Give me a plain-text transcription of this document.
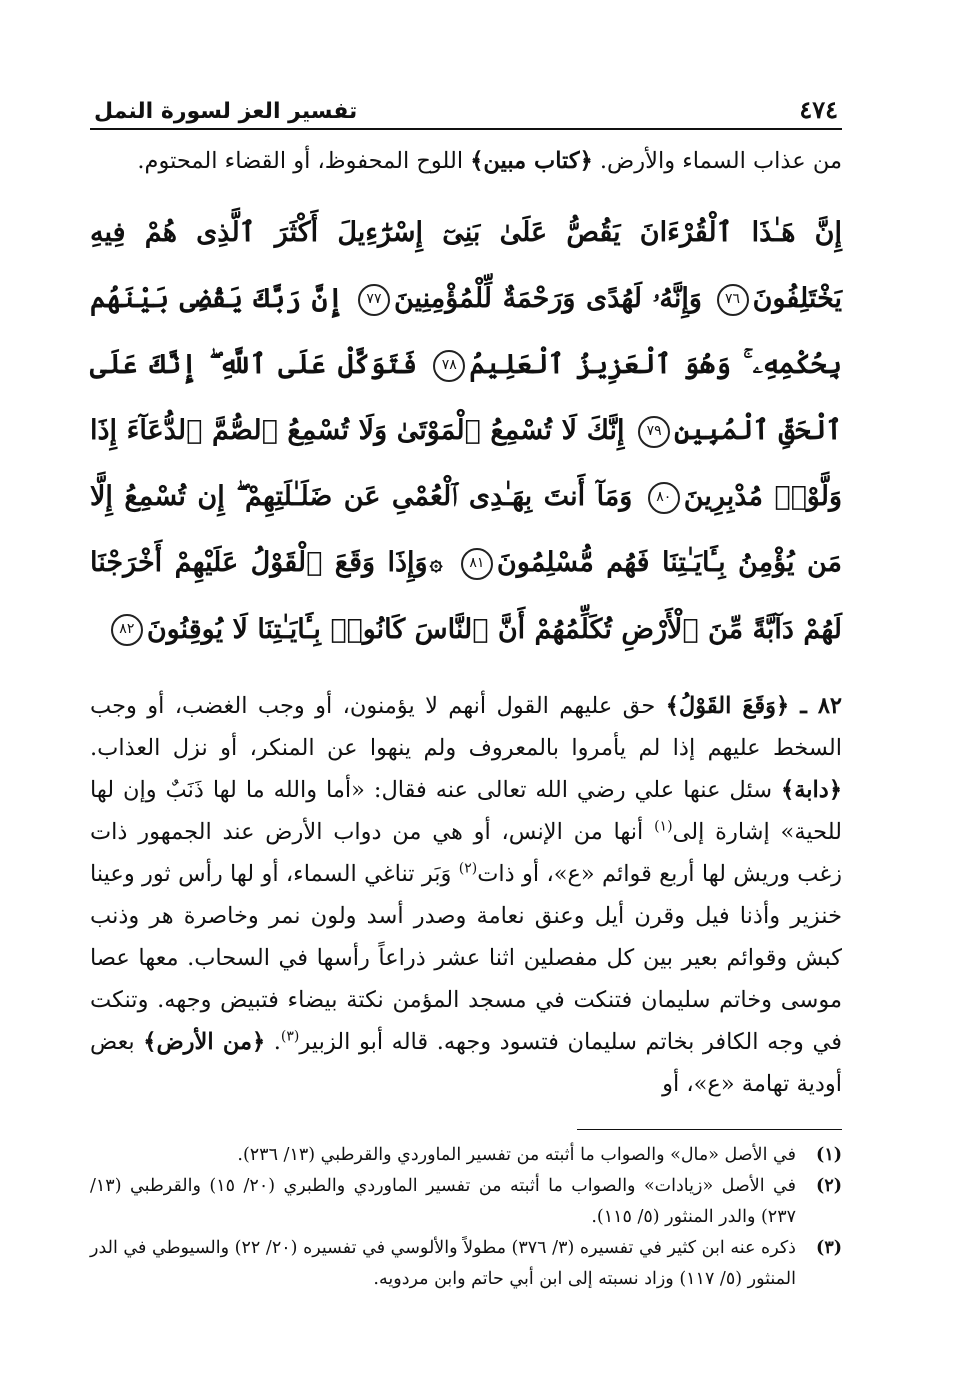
٤٧٤
تفسير العز لسورة النمل

من عذاب السماء والأرض. ﴿كتاب مبين﴾ اللوح المحفوظ، أو القضاء المحتوم.

إِنَّ هَـٰذَا ٱلْقُرْءَانَ يَقُصُّ عَلَىٰ بَنِىٓ إِسْرَٰٓءِيلَ أَكْثَرَ ٱلَّذِى هُمْ فِيهِ يَخْتَلِفُونَ٧٦ وَإِنَّهُۥ لَهُدًى وَرَحْمَةٌ لِّلْمُؤْمِنِينَ٧٧ إِنَّ رَبَّكَ يَقْضِى بَيْنَهُم بِحُكْمِهِۦ ۚ وَهُوَ ٱلْعَزِيزُ ٱلْعَلِيمُ٧٨ فَتَوَكَّلْ عَلَى ٱللَّهِ ۖ إِنَّكَ عَلَى ٱلْحَقِّ ٱلْمُبِينِ٧٩ إِنَّكَ لَا تُسْمِعُ ٱلْمَوْتَىٰ وَلَا تُسْمِعُ ٱلصُّمَّ ٱلدُّعَآءَ إِذَا وَلَّوْا۟ مُدْبِرِينَ٨٠ وَمَآ أَنتَ بِهَـٰدِى ٱلْعُمْىِ عَن ضَلَـٰلَتِهِمْ ۖ إِن تُسْمِعُ إِلَّا مَن يُؤْمِنُ بِـَٔايَـٰتِنَا فَهُم مُّسْلِمُونَ٨١ ۞وَإِذَا وَقَعَ ٱلْقَوْلُ عَلَيْهِمْ أَخْرَجْنَا لَهُمْ دَآبَّةً مِّنَ ٱلْأَرْضِ تُكَلِّمُهُمْ أَنَّ ٱلنَّاسَ كَانُوا۟ بِـَٔايَـٰتِنَا لَا يُوقِنُونَ٨٢

٨٢ ـ ﴿وَقَعَ القَوْلُ﴾ حق عليهم القول أنهم لا يؤمنون، أو وجب الغضب، أو وجب السخط عليهم إذا لم يأمروا بالمعروف ولم ينهوا عن المنكر، أو نزل العذاب. ﴿دابة﴾ سئل عنها علي رضي الله تعالى عنه فقال: «أما والله ما لها ذَنَبٌ وإن لها للحية» إشارة إلى$^{(١)}$ أنها من الإنس، أو هي من دواب الأرض عند الجمهور ذات زغب وريش لها أربع قوائم «ع»، أو ذات$^{(٢)}$ وَبَر تناغي السماء، أو لها رأس ثور وعينا خنزير وأذنا فيل وقرن أيل وعنق نعامة وصدر أسد ولون نمر وخاصرة هر وذنب كبش وقوائم بعير بين كل مفصلين اثنا عشر ذراعاً رأسها في السحاب. معها عصا موسى وخاتم سليمان فتنكت في مسجد المؤمن نكتة بيضاء فتبيض وجهه. وتنكت في وجه الكافر بخاتم سليمان فتسود وجهه. قاله أبو الزبير$^{(٣)}$. ﴿من الأرض﴾ بعض أودية تهامة «ع»، أو

(١)
في الأصل «مال» والصواب ما أثبته من تفسير الماوردي والقرطبي (١٣/ ٢٣٦).
(٢)
في الأصل «زيادات» والصواب ما أثبته من تفسير الماوردي والطبري (٢٠/ ١٥) والقرطبي (١٣/ ٢٣٧) والدر المنثور (٥/ ١١٥).
(٣)
ذكره عنه ابن كثير في تفسيره (٣/ ٣٧٦) مطولاً والألوسي في تفسيره (٢٠/ ٢٢) والسيوطي في الدر المنثور (٥/ ١١٧) وزاد نسبته إلى ابن أبي حاتم وابن مردويه.
